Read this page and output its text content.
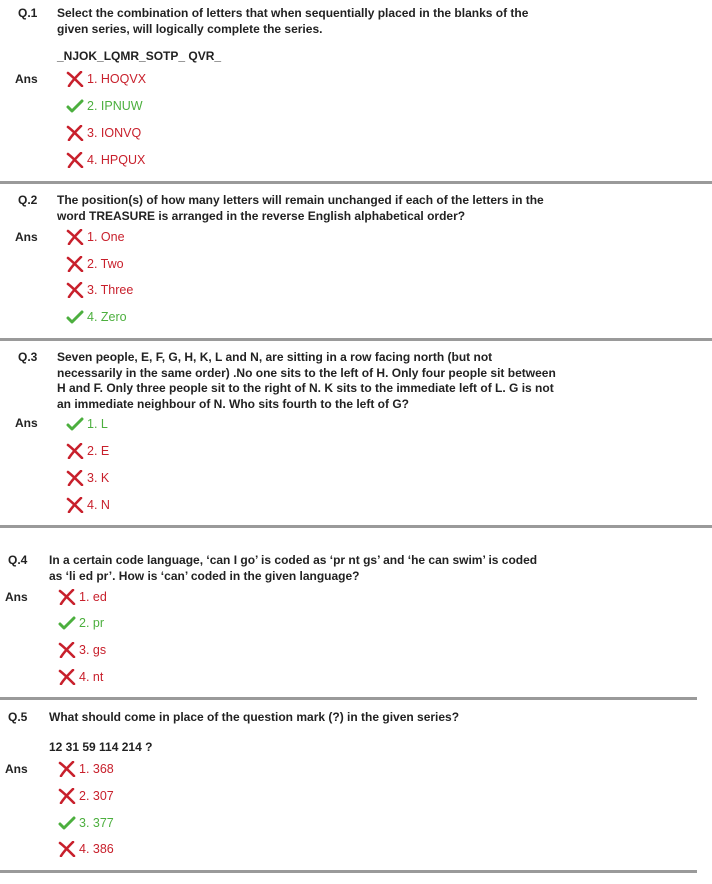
Q.1 Select the combination of letters that when sequentially placed in the blanks of the
given series, will logically complete the series.
_NJOK_LQMR_SOTP_ QVR_
Ans	1. HOQVX
2. IPNUW
3. IONVQ
4. HPQUX
Q.2 The position(s) of how many letters will remain unchanged if each of the letters in the
word TREASURE is arranged in the reverse English alphabetical order?
Ans	1. One
2. Two
3. Three
4. Zero
Q.3 Seven people, E, F, G, H, K, L and N, are sitting in a row facing north (but not
necessarily in the same order) .No one sits to the left of H. Only four people sit between
H and F. Only three people sit to the right of N. K sits to the immediate left of L. G is not
an immediate neighbour of N. Who sits fourth to the left of G?
Ans	1. L
2. E
3. K
4. N
Q.4 In a certain code language, ‘can I go’ is coded as ‘pr nt gs’ and ‘he can swim’ is coded
as ‘li ed pr’. How is ‘can’ coded in the given language?
Ans	1. ed
2. pr
3. gs
4. nt
Q.5 What should come in place of the question mark (?) in the given series?
12 31 59 114 214 ?
Ans	1. 368
2. 307
3. 377
4. 386
